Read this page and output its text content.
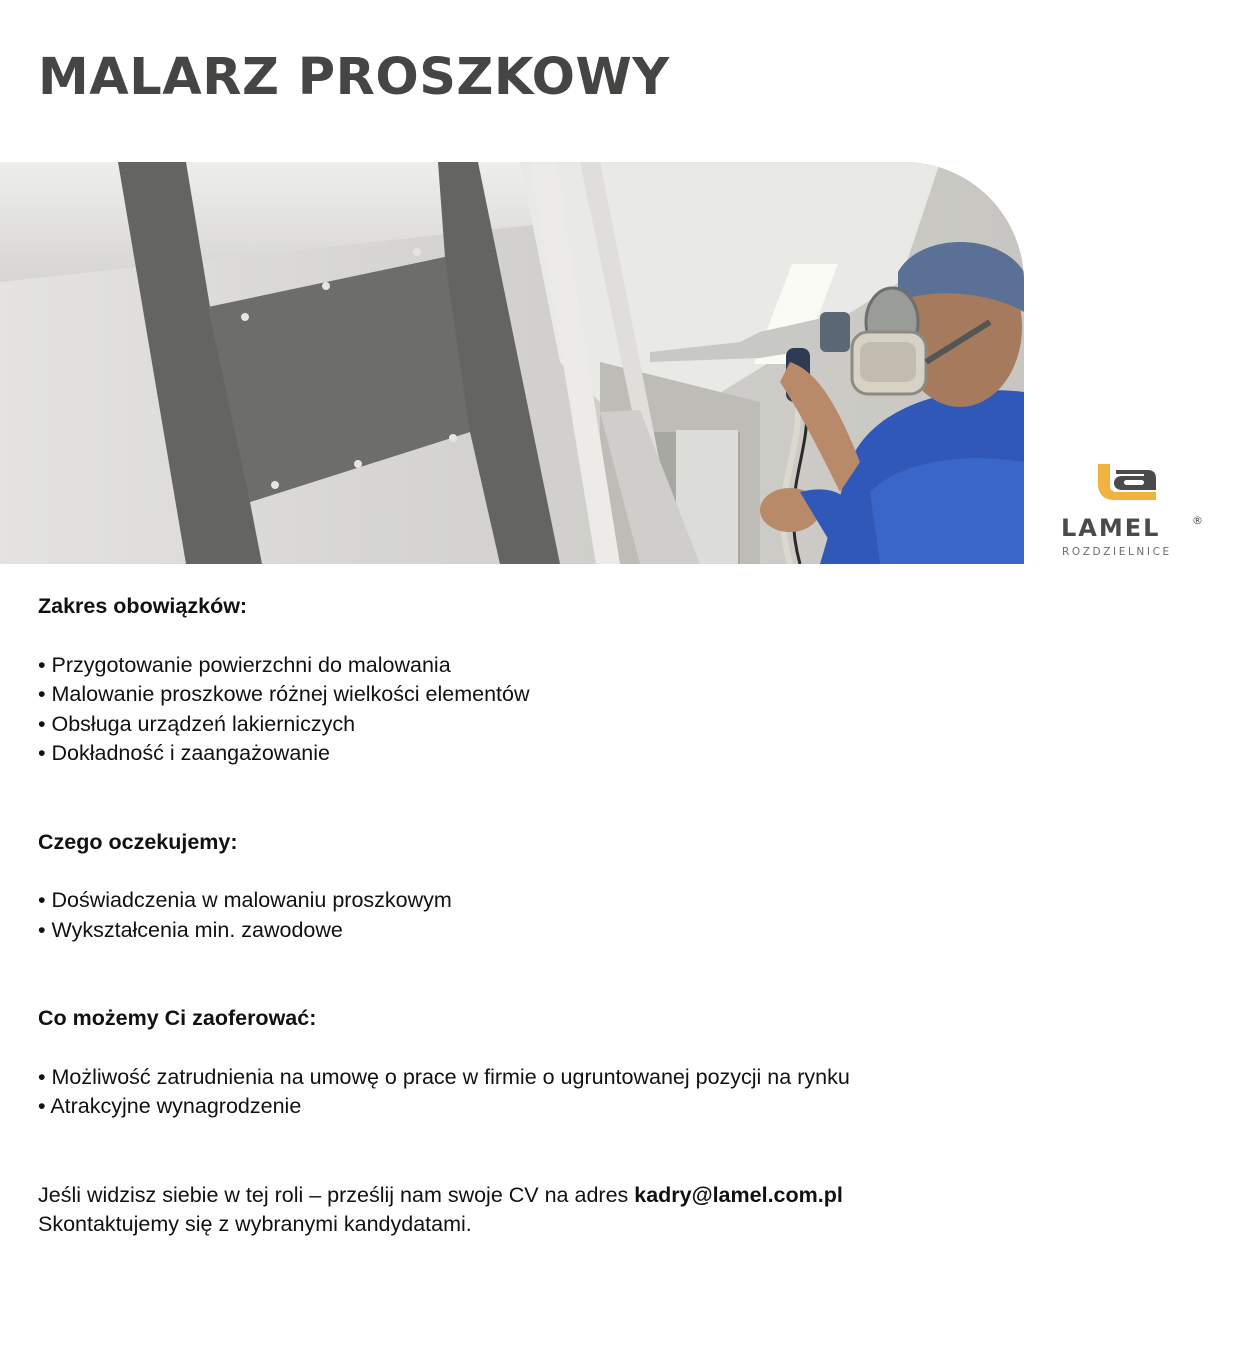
MALARZ PROSZKOWY
LAMEL	®
ROZDZIELNICE
Zakres obowiązków:
• Przygotowanie powierzchni do malowania
• Malowanie proszkowe różnej wielkości elementów
• Obsługa urządzeń lakierniczych
• Dokładność i zaangażowanie
Czego oczekujemy:
• Doświadczenia w malowaniu proszkowym
• Wykształcenia min. zawodowe
Co możemy Ci zaoferować:
• Możliwość zatrudnienia na umowę o prace w firmie o ugruntowanej pozycji na rynku
• Atrakcyjne wynagrodzenie

Jeśli widzisz siebie w tej roli – prześlij nam swoje CV na adres kadry@lamel.com.pl

Skontaktujemy się z wybranymi kandydatami.
